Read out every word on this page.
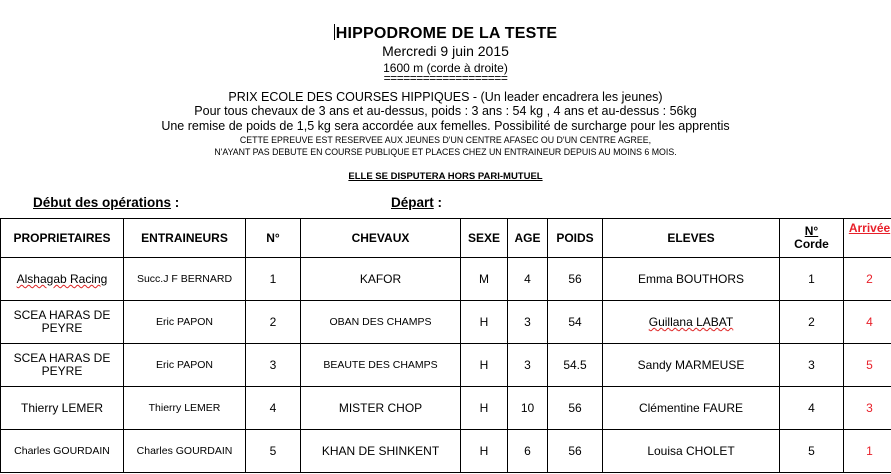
HIPPODROME DE LA TESTE
Mercredi 9 juin 2015
1600 m (corde à droite)
===================
PRIX ECOLE DES COURSES HIPPIQUES - (Un leader encadrera les jeunes)
Pour tous chevaux de 3 ans et au-dessus, poids : 3 ans : 54 kg , 4 ans et au-dessus : 56kg
Une remise de poids de 1,5 kg sera accordée aux femelles. Possibilité de surcharge pour les apprentis
CETTE EPREUVE EST RESERVEE AUX JEUNES D'UN CENTRE AFASEC OU D'UN CENTRE AGREE,
N'AYANT PAS DEBUTE EN COURSE PUBLIQUE ET PLACES CHEZ UN ENTRAINEUR DEPUIS AU MOINS 6 MOIS.
ELLE SE DISPUTERA HORS PARI-MUTUEL
Début des opérations :	Départ :
PROPRIETAIRES	ENTRAINEURS	N°	CHEVAUX	SEXE	AGE	POIDS	ELEVES	N°
Corde	Arrivée
Alshagab Racing	Succ.J F BERNARD	1	KAFOR	M	4	56	Emma BOUTHORS	1	2
SCEA HARAS DE PEYRE	Eric PAPON	2	OBAN DES CHAMPS	H	3	54	Guillana LABAT	2	4
SCEA HARAS DE PEYRE	Eric PAPON	3	BEAUTE DES CHAMPS	H	3	54.5	Sandy MARMEUSE	3	5
Thierry LEMER	Thierry LEMER	4	MISTER CHOP	H	10	56	Clémentine FAURE	4	3
Charles GOURDAIN	Charles GOURDAIN	5	KHAN DE SHINKENT	H	6	56	Louisa CHOLET	5	1
